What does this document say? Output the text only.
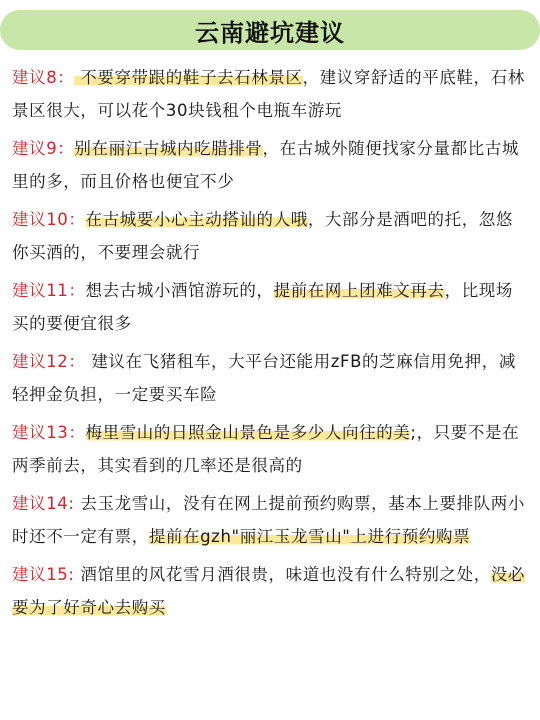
云南避坑建议

建议8： 不要穿带跟的鞋子去石林景区，建议穿舒适的平底鞋，石林景区很大，可以花个30块钱租个电瓶车游玩

建议9：别在丽江古城内吃腊排骨，在古城外随便找家分量都比古城里的多，而且价格也便宜不少

建议10：在古城要小心主动搭讪的人哦，大部分是酒吧的托，忽悠你买酒的，不要理会就行

建议11：想去古城小酒馆游玩的，提前在网上团难文再去，比现场买的要便宜很多

建议12： 建议在飞猪租车，大平台还能用zFB的芝麻信用免押，减轻押金负担，一定要买车险

建议13：梅里雪山的日照金山景色是多少人向往的美;，只要不是在两季前去，其实看到的几率还是很高的

建议14: 去玉龙雪山，没有在网上提前预约购票，基本上要排队两小时还不一定有票，提前在gzh"丽江玉龙雪山"上进行预约购票

建议15: 酒馆里的风花雪月酒很贵，味道也没有什么特别之处，没必要为了好奇心去购买
